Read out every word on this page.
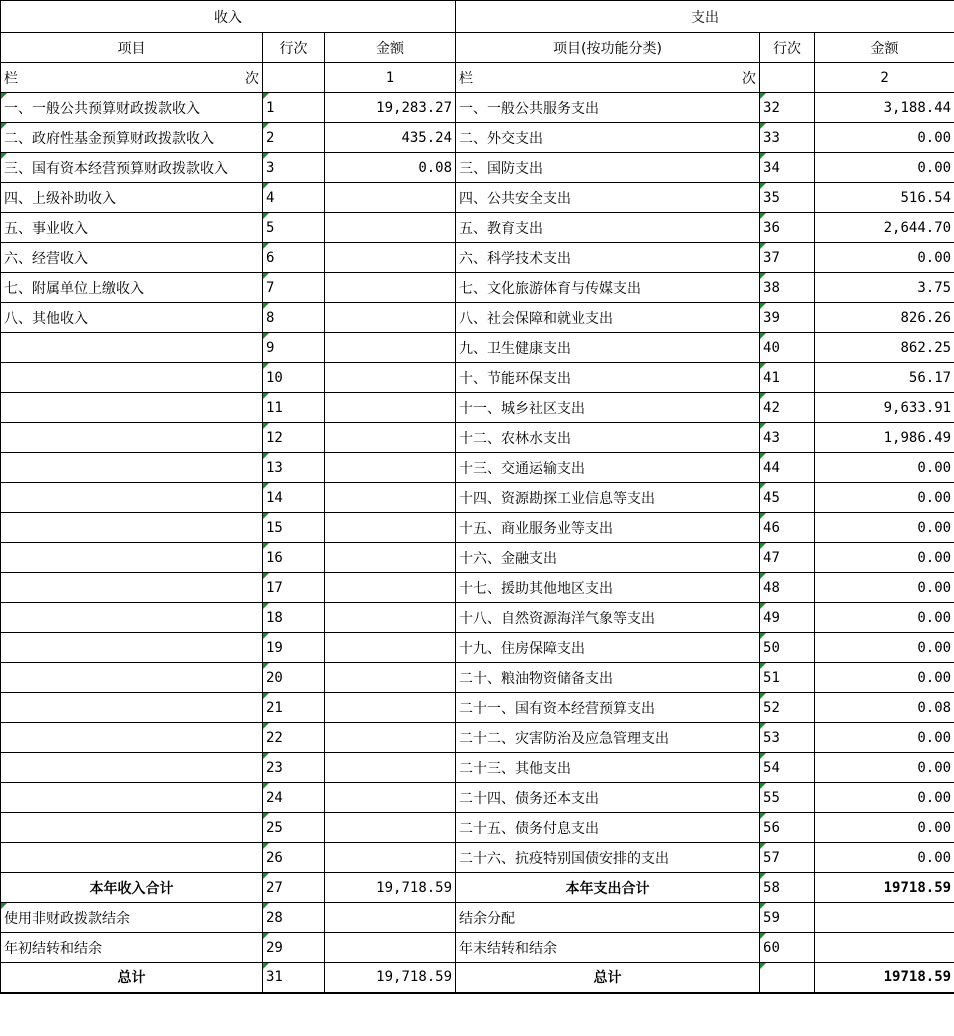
收入			支出		
项目	行次	金额	项目(按功能分类)	行次	金额

栏 次		1	栏 次		2
一、一般公共预算财政拨款收入	1	19,283.27	一、一般公共服务支出	32	3,188.44
二、政府性基金预算财政拨款收入	2	435.24	二、外交支出	33	0.00
三、国有资本经营预算财政拨款收入	3	0.08	三、国防支出	34	0.00
四、上级补助收入	4		四、公共安全支出	35	516.54
五、事业收入	5		五、教育支出	36	2,644.70
六、经营收入	6		六、科学技术支出	37	0.00
七、附属单位上缴收入	7		七、文化旅游体育与传媒支出	38	3.75
八、其他收入	8		八、社会保障和就业支出	39	826.26
	9		九、卫生健康支出	40	862.25
	10		十、节能环保支出	41	56.17
	11		十一、城乡社区支出	42	9,633.91
	12		十二、农林水支出	43	1,986.49
	13		十三、交通运输支出	44	0.00
	14		十四、资源勘探工业信息等支出	45	0.00
	15		十五、商业服务业等支出	46	0.00
	16		十六、金融支出	47	0.00
	17		十七、援助其他地区支出	48	0.00
	18		十八、自然资源海洋气象等支出	49	0.00
	19		十九、住房保障支出	50	0.00
	20		二十、粮油物资储备支出	51	0.00
	21		二十一、国有资本经营预算支出	52	0.08
	22		二十二、灾害防治及应急管理支出	53	0.00
	23		二十三、其他支出	54	0.00
	24		二十四、债务还本支出	55	0.00
	25		二十五、债务付息支出	56	0.00
	26		二十六、抗疫特别国债安排的支出	57	0.00
本年收入合计	27	19,718.59	本年支出合计	58	19718.59
使用非财政拨款结余	28		结余分配	59	
年初结转和结余	29		年末结转和结余	60	
总计	31	19,718.59	总计		19718.59
